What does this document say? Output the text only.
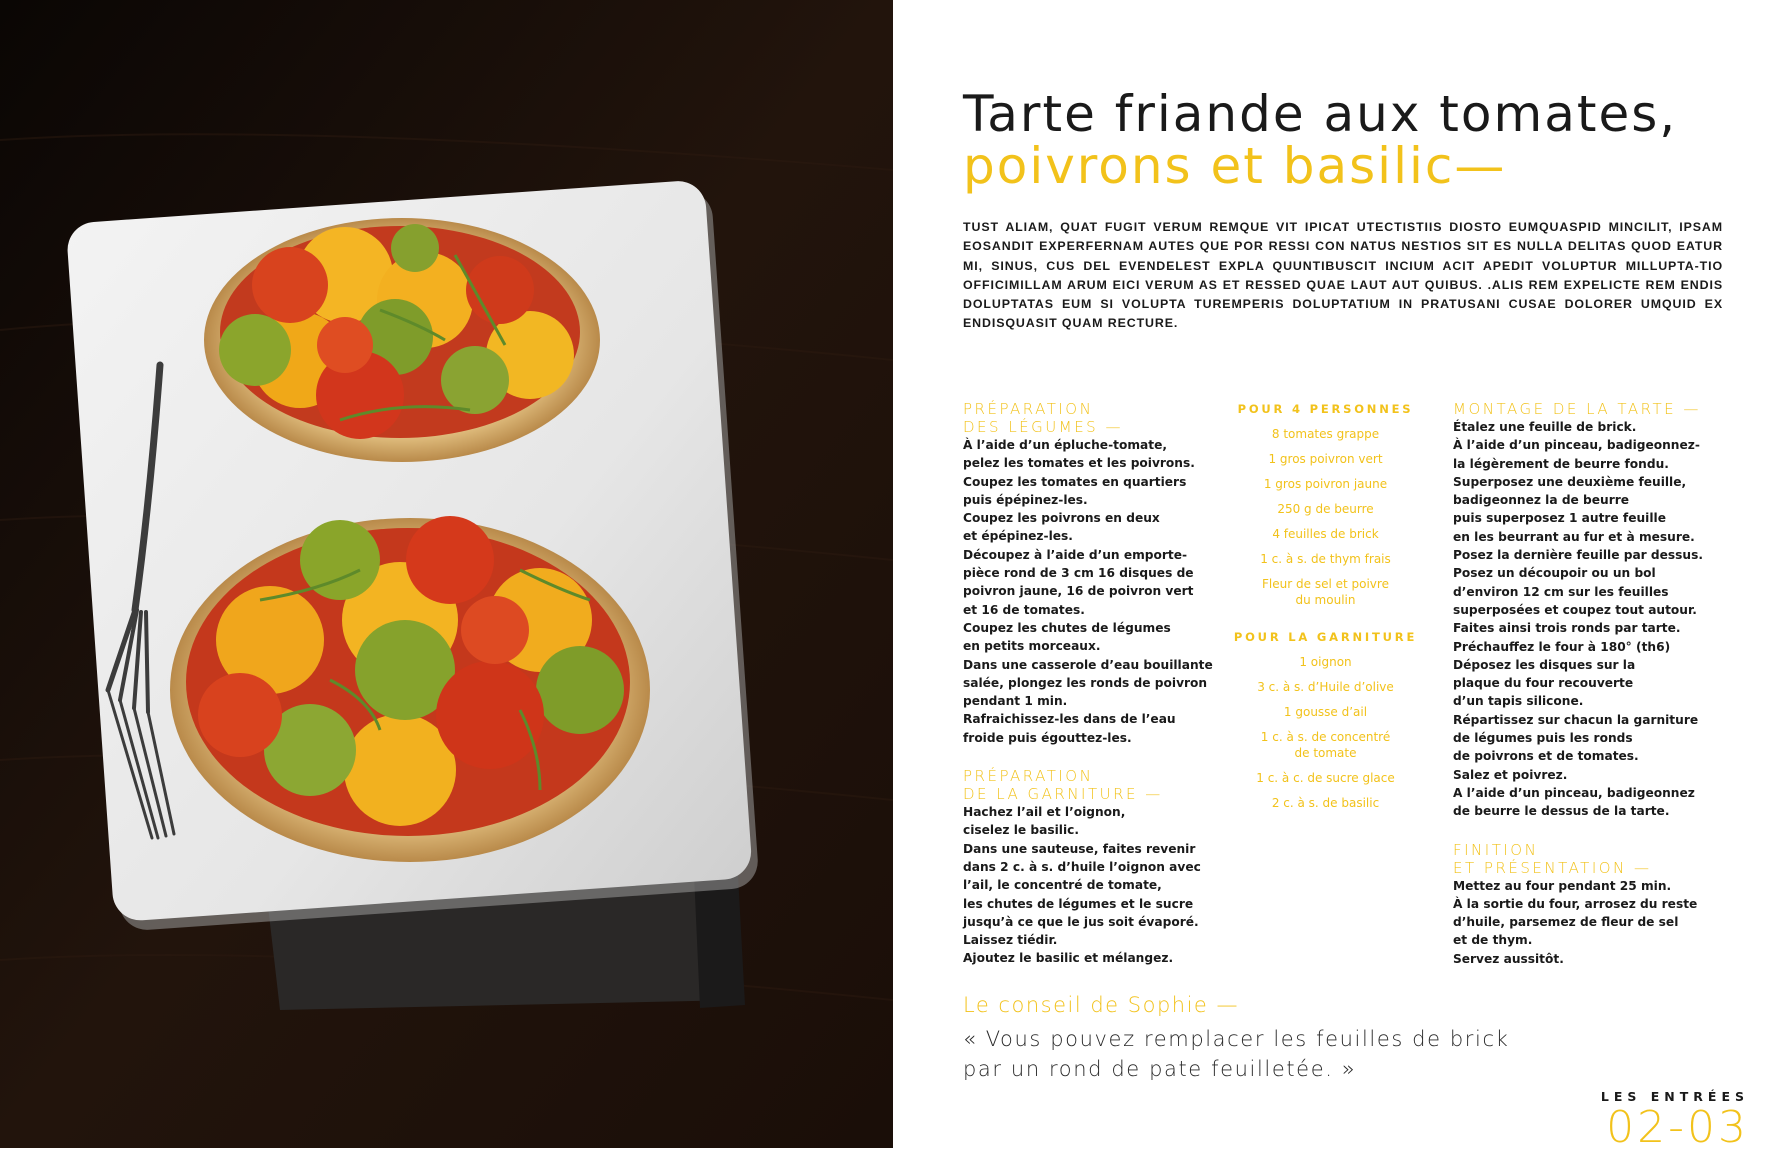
Tarte friande aux tomates,
poivrons et basilic—
TUST ALIAM, QUAT FUGIT VERUM REMQUE VIT IPICAT UTECTISTIIS DIOSTO EUMQUASPID MINCILIT, IPSAM EOSANDIT EXPERFERNAM AUTES QUE POR RESSI CON NATUS NESTIOS SIT ES NULLA DELITAS QUOD EATUR MI, SINUS, CUS DEL EVENDELEST EXPLA QUUNTIBUSCIT INCIUM ACIT APEDIT VOLUPTUR MILLUPTA-TIO OFFICIMILLAM ARUM EICI VERUM AS ET RESSED QUAE LAUT AUT QUIBUS. .ALIS REM EXPELICTE REM ENDIS DOLUPTATAS EUM SI VOLUPTA TUREMPERIS DOLUPTATIUM IN PRATUSANI CUSAE DOLORER UMQUID EX ENDISQUASIT QUAM RECTURE.
PRÉPARATION
DES LÉGUMES —
À l’aide d’un épluche-tomate,
pelez les tomates et les poivrons.
Coupez les tomates en quartiers
puis épépinez-les.
Coupez les poivrons en deux
et épépinez-les.
Découpez à l’aide d’un emporte-
pièce rond de 3 cm 16 disques de
poivron jaune, 16 de poivron vert
et 16 de tomates.
Coupez les chutes de légumes
en petits morceaux.
Dans une casserole d’eau bouillante
salée, plongez les ronds de poivron
pendant 1 min.
Rafraichissez-les dans de l’eau
froide puis égouttez-les.
PRÉPARATION
DE LA GARNITURE —
Hachez l’ail et l’oignon,
ciselez le basilic.
Dans une sauteuse, faites revenir
dans 2 c. à s. d’huile l’oignon avec
l’ail, le concentré de tomate,
les chutes de légumes et le sucre
jusqu’à ce que le jus soit évaporé.
Laissez tiédir.
Ajoutez le basilic et mélangez.
POUR 4 PERSONNES
8 tomates grappe
1 gros poivron vert
1 gros poivron jaune
250 g de beurre
4 feuilles de brick
1 c. à s. de thym frais
Fleur de sel et poivre du moulin
POUR LA GARNITURE
1 oignon
3 c. à s. d’Huile d’olive
1 gousse d’ail
1 c. à s. de concentré de tomate
1 c. à c. de sucre glace
2 c. à s. de basilic
MONTAGE DE LA TARTE —
Étalez une feuille de brick.
À l’aide d’un pinceau, badigeonnez-
la légèrement de beurre fondu.
Superposez une deuxième feuille,
badigeonnez la de beurre
puis superposez 1 autre feuille
en les beurrant au fur et à mesure.
Posez la dernière feuille par dessus.
Posez un découpoir ou un bol
d’environ 12 cm sur les feuilles
superposées et coupez tout autour.
Faites ainsi trois ronds par tarte.
Préchauffez le four à 180° (th6)
Déposez les disques sur la
plaque du four recouverte
d’un tapis silicone.
Répartissez sur chacun la garniture
de légumes puis les ronds
de poivrons et de tomates.
Salez et poivrez.
A l’aide d’un pinceau, badigeonnez
de beurre le dessus de la tarte.
FINITION
ET PRÉSENTATION —
Mettez au four pendant 25 min.
À la sortie du four, arrosez du reste
d’huile, parsemez de fleur de sel
et de thym.
Servez aussitôt.
Le conseil de Sophie —
« Vous pouvez remplacer les feuilles de brick
par un rond de pate feuilletée. »
LES ENTRÉES
02-03
